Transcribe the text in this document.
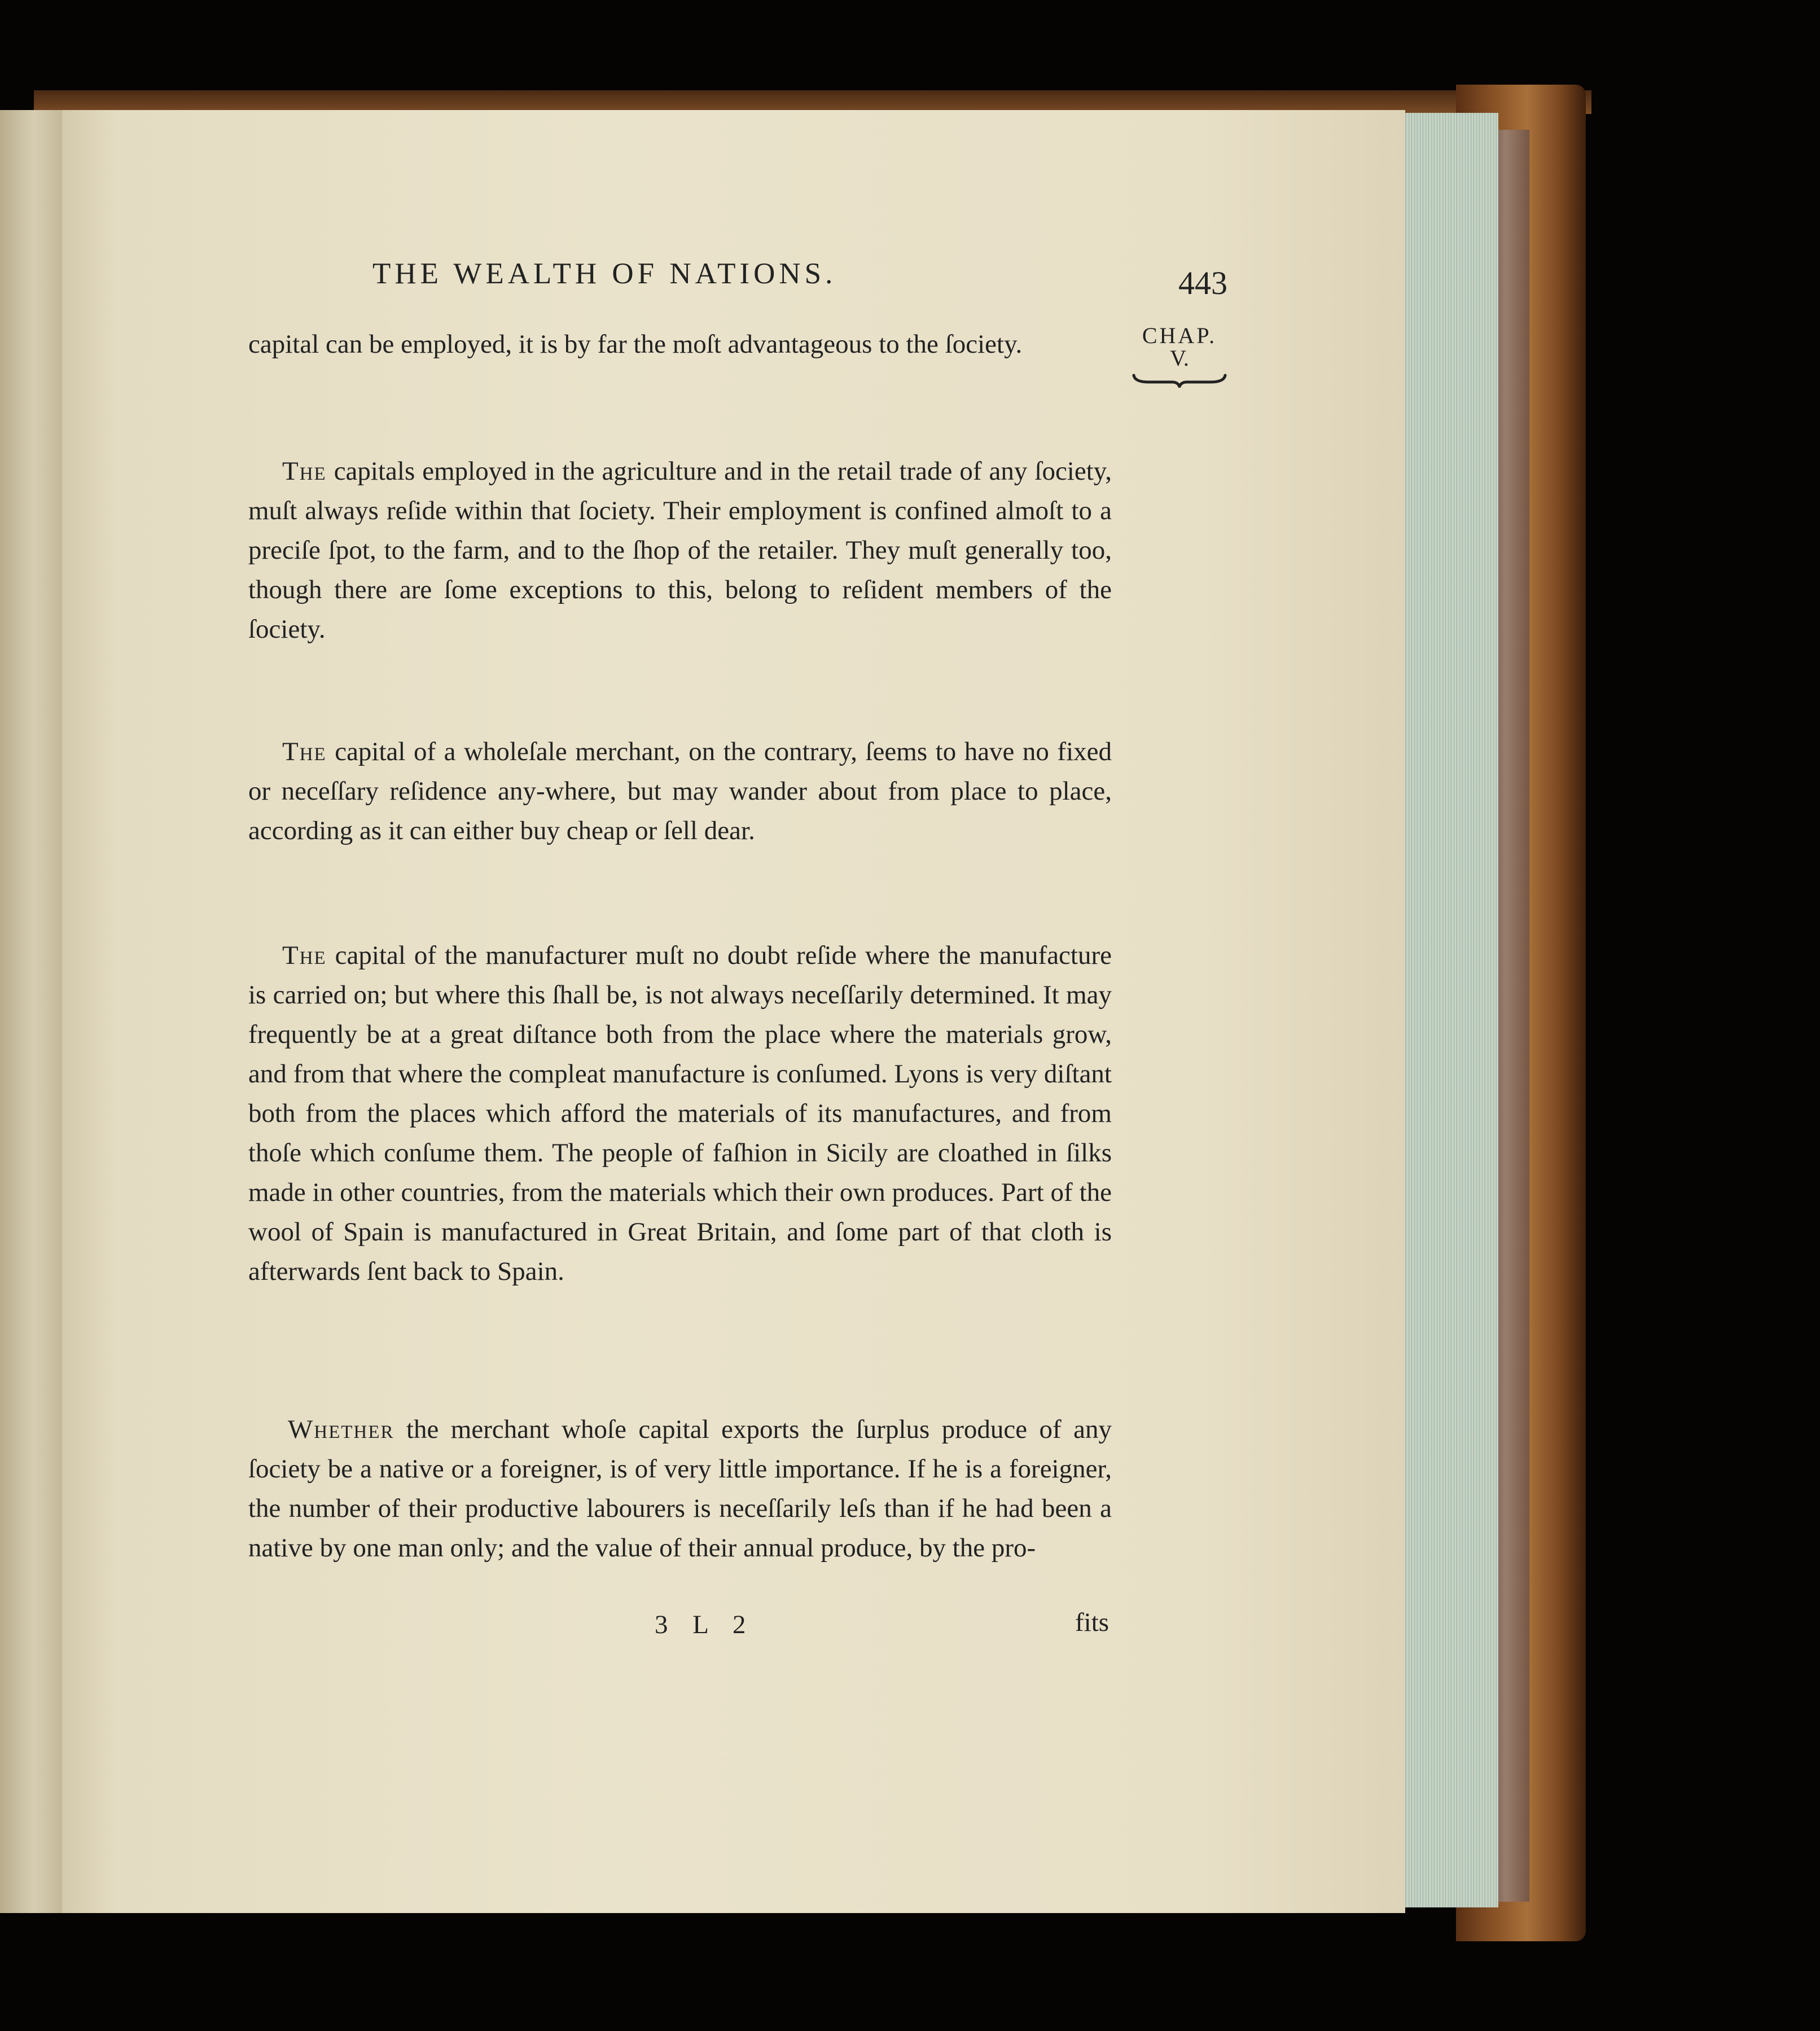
THE WEALTH OF NATIONS.	443
CHAP.
V.
capital can be employed, it is by far the moſt advantageous to the ſociety.
The capitals employed in the agriculture and in the retail trade of any ſociety, muſt always reſide within that ſociety. Their employment is confined almoſt to a preciſe ſpot, to the farm, and to the ſhop of the retailer. They muſt generally too, though there are ſome exceptions to this, belong to reſident members of the ſociety.
The capital of a wholeſale merchant, on the contrary, ſeems to have no fixed or neceſſary reſidence any-where, but may wander about from place to place, according as it can either buy cheap or ſell dear.
The capital of the manufacturer muſt no doubt reſide where the manufacture is carried on; but where this ſhall be, is not always neceſſarily determined. It may frequently be at a great diſtance both from the place where the materials grow, and from that where the compleat manufacture is conſumed. Lyons is very diſtant both from the places which afford the materials of its manufactures, and from thoſe which conſume them. The people of faſhion in Sicily are cloathed in ſilks made in other countries, from the materials which their own produces. Part of the wool of Spain is manufactured in Great Britain, and ſome part of that cloth is afterwards ſent back to Spain.
Whether the merchant whoſe capital exports the ſurplus produce of any ſociety be a native or a foreigner, is of very little importance. If he is a foreigner, the number of their productive labourers is neceſſarily leſs than if he had been a native by one man only; and the value of their annual produce, by the pro-
3 L 2	fits
